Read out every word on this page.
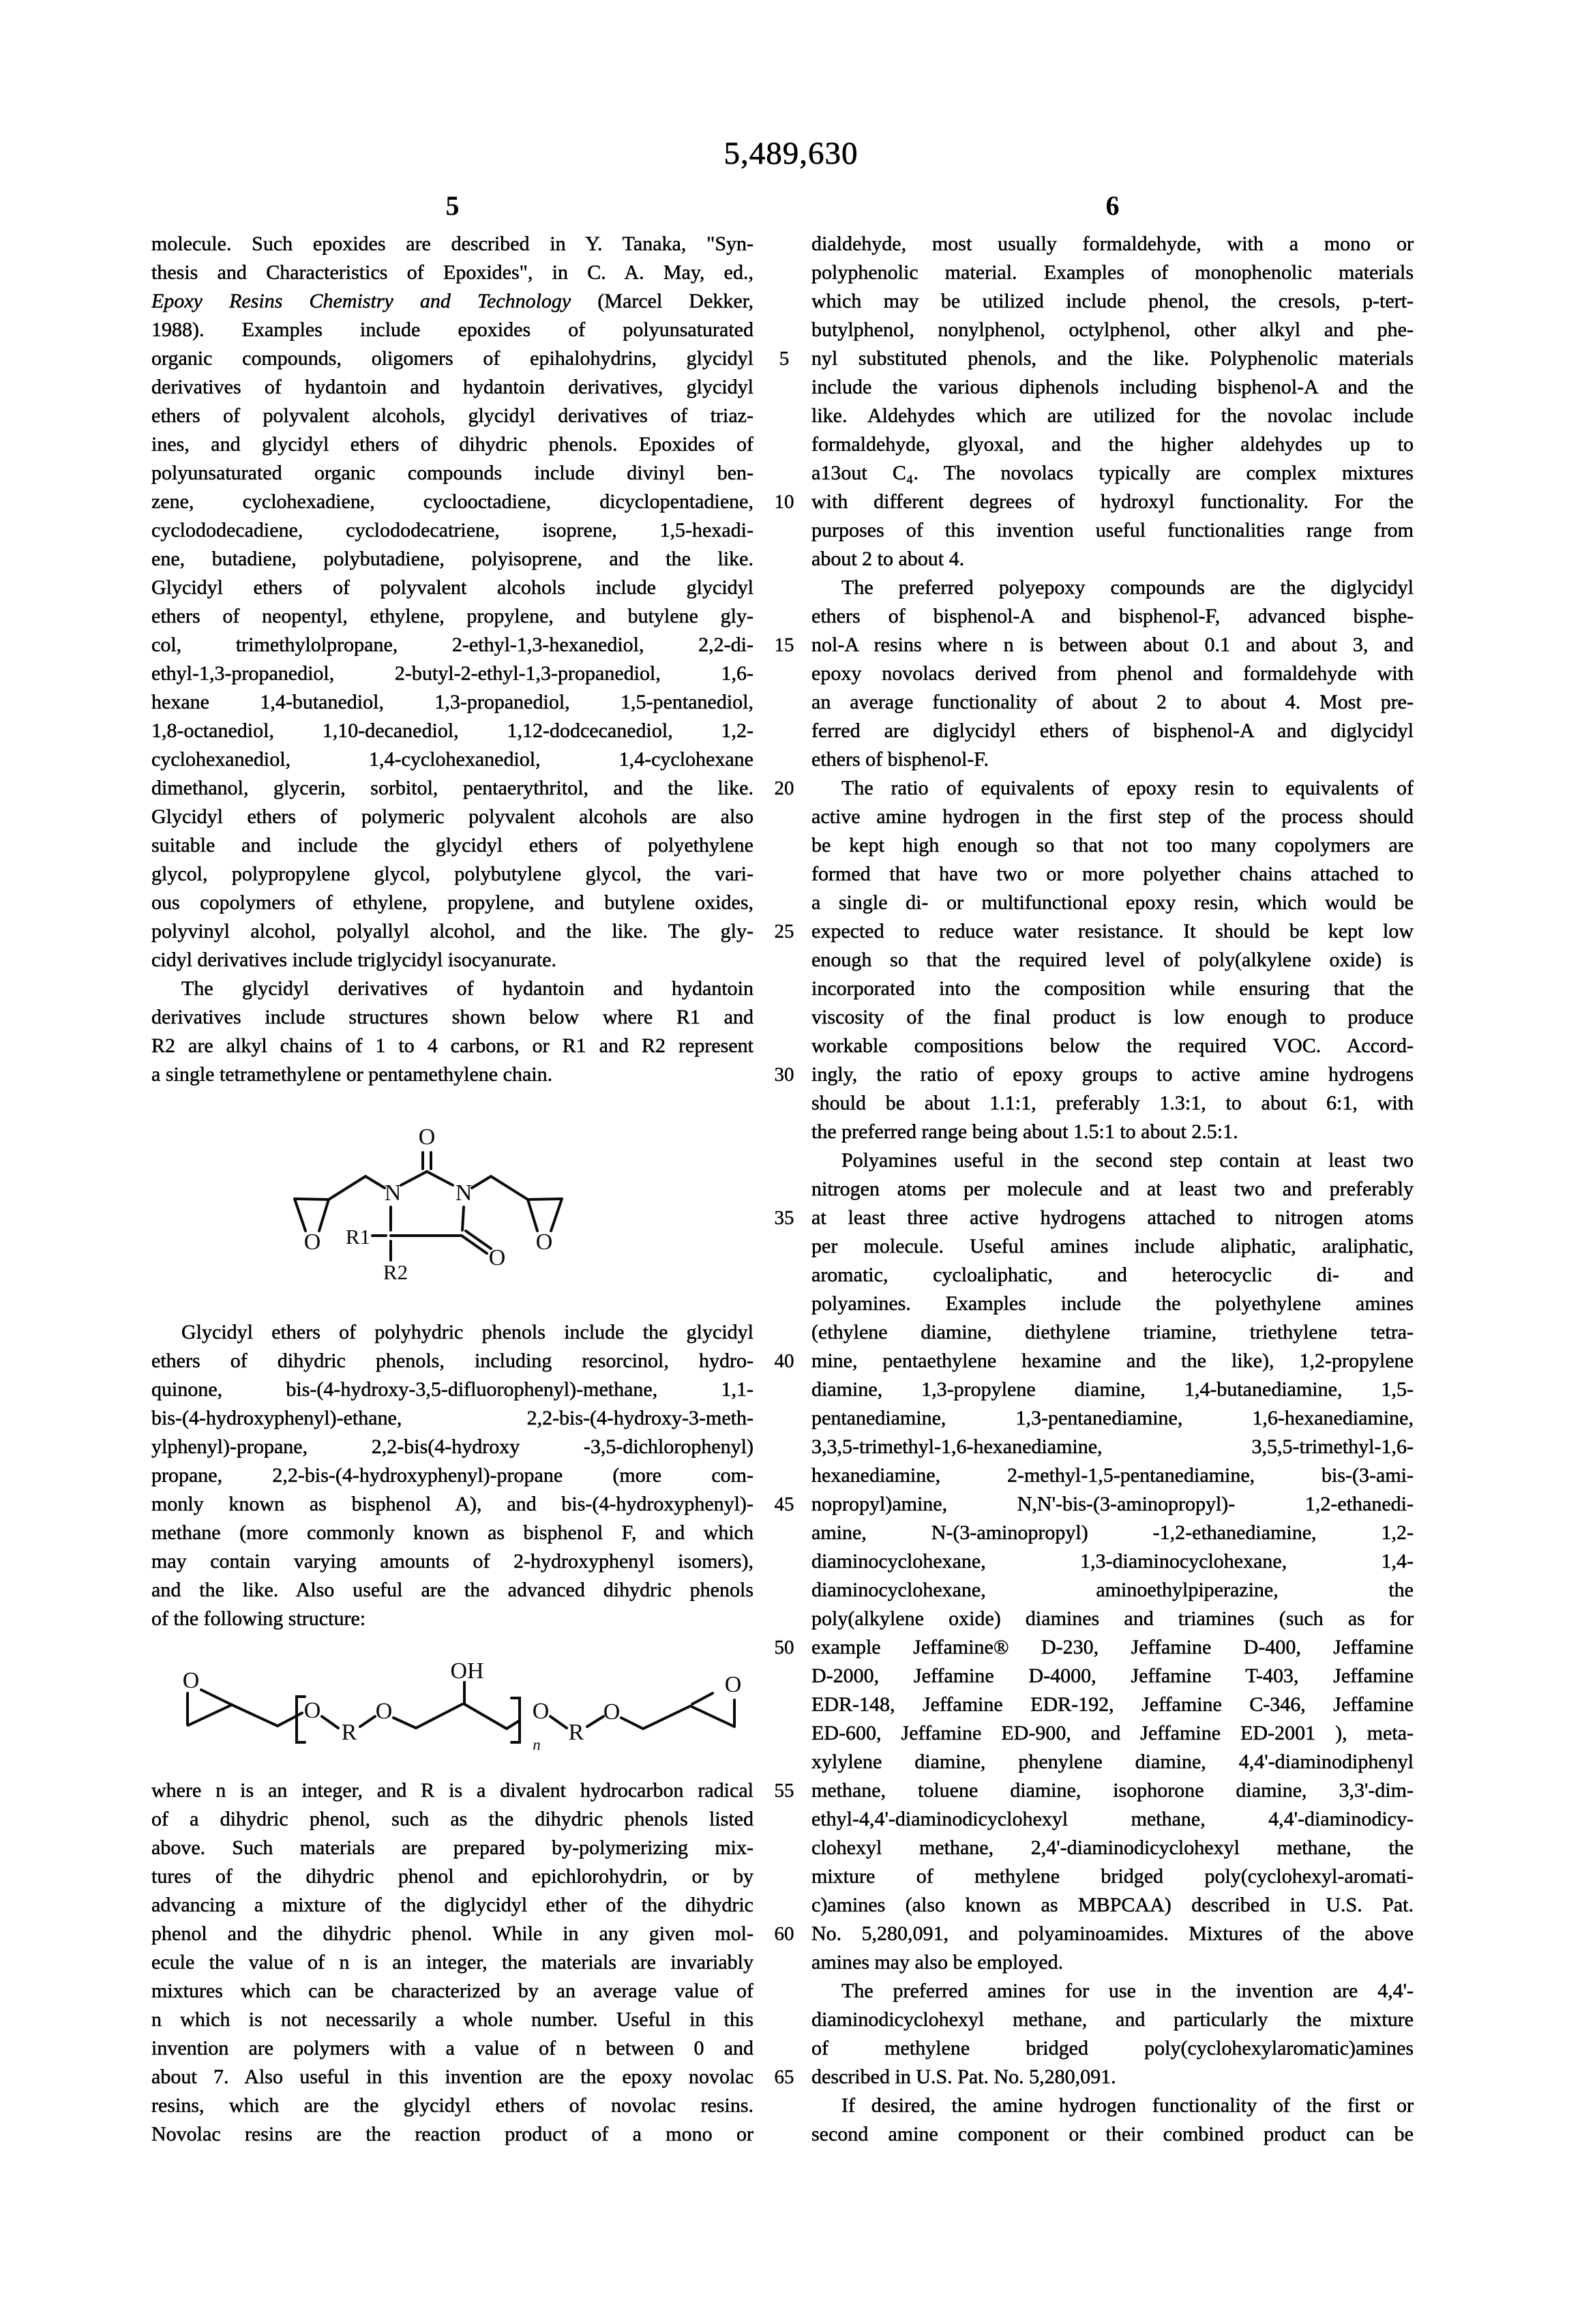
5,489,630
5	6
5
10
15
20
25
30
35
40
45
50
55
60
65
molecule. Such epoxides are described in Y. Tanaka, "Syn-
thesis and Characteristics of Epoxides", in C. A. May, ed.,
Epoxy Resins Chemistry and Technology (Marcel Dekker,
1988). Examples include epoxides of polyunsaturated
organic compounds, oligomers of epihalohydrins, glycidyl
derivatives of hydantoin and hydantoin derivatives, glycidyl
ethers of polyvalent alcohols, glycidyl derivatives of triaz-
ines, and glycidyl ethers of dihydric phenols. Epoxides of
polyunsaturated organic compounds include divinyl ben-
zene, cyclohexadiene, cyclooctadiene, dicyclopentadiene,
cyclododecadiene, cyclododecatriene, isoprene, 1,5-hexadi-
ene, butadiene, polybutadiene, polyisoprene, and the like.
Glycidyl ethers of polyvalent alcohols include glycidyl
ethers of neopentyl, ethylene, propylene, and butylene gly-
col, trimethylolpropane, 2-ethyl-1,3-hexanediol, 2,2-di-
ethyl-1,3-propanediol, 2-butyl-2-ethyl-1,3-propanediol, 1,6-
hexane 1,4-butanediol, 1,3-propanediol, 1,5-pentanediol,
1,8-octanediol, 1,10-decanediol, 1,12-dodcecanediol, 1,2-
cyclohexanediol, 1,4-cyclohexanediol, 1,4-cyclohexane
dimethanol, glycerin, sorbitol, pentaerythritol, and the like.
Glycidyl ethers of polymeric polyvalent alcohols are also
suitable and include the glycidyl ethers of polyethylene
glycol, polypropylene glycol, polybutylene glycol, the vari-
ous copolymers of ethylene, propylene, and butylene oxides,
polyvinyl alcohol, polyallyl alcohol, and the like. The gly-
cidyl derivatives include triglycidyl isocyanurate.
The glycidyl derivatives of hydantoin and hydantoin
derivatives include structures shown below where R1 and
R2 are alkyl chains of 1 to 4 carbons, or R1 and R2 represent
a single tetramethylene or pentamethylene chain.
O
N N
O	O
R1
R2
O
Glycidyl ethers of polyhydric phenols include the glycidyl
ethers of dihydric phenols, including resorcinol, hydro-
quinone, bis-(4-hydroxy-3,5-difluorophenyl)-methane, 1,1-
bis-(4-hydroxyphenyl)-ethane, 2,2-bis-(4-hydroxy-3-meth-
ylphenyl)-propane, 2,2-bis(4-hydroxy -3,5-dichlorophenyl)
propane, 2,2-bis-(4-hydroxyphenyl)-propane (more com-
monly known as bisphenol A), and bis-(4-hydroxyphenyl)-
methane (more commonly known as bisphenol F, and which
may contain varying amounts of 2-hydroxyphenyl isomers),
and the like. Also useful are the advanced dihydric phenols
of the following structure:
O
O
R
O
OH
n
O
R
O
O
where n is an integer, and R is a divalent hydrocarbon radical
of a dihydric phenol, such as the dihydric phenols listed
above. Such materials are prepared by-polymerizing mix-
tures of the dihydric phenol and epichlorohydrin, or by
advancing a mixture of the diglycidyl ether of the dihydric
phenol and the dihydric phenol. While in any given mol-
ecule the value of n is an integer, the materials are invariably
mixtures which can be characterized by an average value of
n which is not necessarily a whole number. Useful in this
invention are polymers with a value of n between 0 and
about 7. Also useful in this invention are the epoxy novolac
resins, which are the glycidyl ethers of novolac resins.
Novolac resins are the reaction product of a mono or
dialdehyde, most usually formaldehyde, with a mono or
polyphenolic material. Examples of monophenolic materials
which may be utilized include phenol, the cresols, p-tert-
butylphenol, nonylphenol, octylphenol, other alkyl and phe-
nyl substituted phenols, and the like. Polyphenolic materials
include the various diphenols including bisphenol-A and the
like. Aldehydes which are utilized for the novolac include
formaldehyde, glyoxal, and the higher aldehydes up to
a13out C₄. The novolacs typically are complex mixtures
with different degrees of hydroxyl functionality. For the
purposes of this invention useful functionalities range from
about 2 to about 4.
The preferred polyepoxy compounds are the diglycidyl
ethers of bisphenol-A and bisphenol-F, advanced bisphe-
nol-A resins where n is between about 0.1 and about 3, and
epoxy novolacs derived from phenol and formaldehyde with
an average functionality of about 2 to about 4. Most pre-
ferred are diglycidyl ethers of bisphenol-A and diglycidyl
ethers of bisphenol-F.
The ratio of equivalents of epoxy resin to equivalents of
active amine hydrogen in the first step of the process should
be kept high enough so that not too many copolymers are
formed that have two or more polyether chains attached to
a single di- or multifunctional epoxy resin, which would be
expected to reduce water resistance. It should be kept low
enough so that the required level of poly(alkylene oxide) is
incorporated into the composition while ensuring that the
viscosity of the final product is low enough to produce
workable compositions below the required VOC. Accord-
ingly, the ratio of epoxy groups to active amine hydrogens
should be about 1.1:1, preferably 1.3:1, to about 6:1, with
the preferred range being about 1.5:1 to about 2.5:1.
Polyamines useful in the second step contain at least two
nitrogen atoms per molecule and at least two and preferably
at least three active hydrogens attached to nitrogen atoms
per molecule. Useful amines include aliphatic, araliphatic,
aromatic, cycloaliphatic, and heterocyclic di- and
polyamines. Examples include the polyethylene amines
(ethylene diamine, diethylene triamine, triethylene tetra-
mine, pentaethylene hexamine and the like), 1,2-propylene
diamine, 1,3-propylene diamine, 1,4-butanediamine, 1,5-
pentanediamine, 1,3-pentanediamine, 1,6-hexanediamine,
3,3,5-trimethyl-1,6-hexanediamine, 3,5,5-trimethyl-1,6-
hexanediamine, 2-methyl-1,5-pentanediamine, bis-(3-ami-
nopropyl)amine, N,N'-bis-(3-aminopropyl)- 1,2-ethanedi-
amine, N-(3-aminopropyl) -1,2-ethanediamine, 1,2-
diaminocyclohexane, 1,3-diaminocyclohexane, 1,4-
diaminocyclohexane, aminoethylpiperazine, the
poly(alkylene oxide) diamines and triamines (such as for
example Jeffamine® D-230, Jeffamine D-400, Jeffamine
D-2000, Jeffamine D-4000, Jeffamine T-403, Jeffamine
EDR-148, Jeffamine EDR-192, Jeffamine C-346, Jeffamine
ED-600, Jeffamine ED-900, and Jeffamine ED-2001 ), meta-
xylylene diamine, phenylene diamine, 4,4'-diaminodiphenyl
methane, toluene diamine, isophorone diamine, 3,3'-dim-
ethyl-4,4'-diaminodicyclohexyl methane, 4,4'-diaminodicy-
clohexyl methane, 2,4'-diaminodicyclohexyl methane, the
mixture of methylene bridged poly(cyclohexyl-aromati-
c)amines (also known as MBPCAA) described in U.S. Pat.
No. 5,280,091, and polyaminoamides. Mixtures of the above
amines may also be employed.
The preferred amines for use in the invention are 4,4'-
diaminodicyclohexyl methane, and particularly the mixture
of methylene bridged poly(cyclohexylaromatic)amines
described in U.S. Pat. No. 5,280,091.
If desired, the amine hydrogen functionality of the first or
second amine component or their combined product can be
